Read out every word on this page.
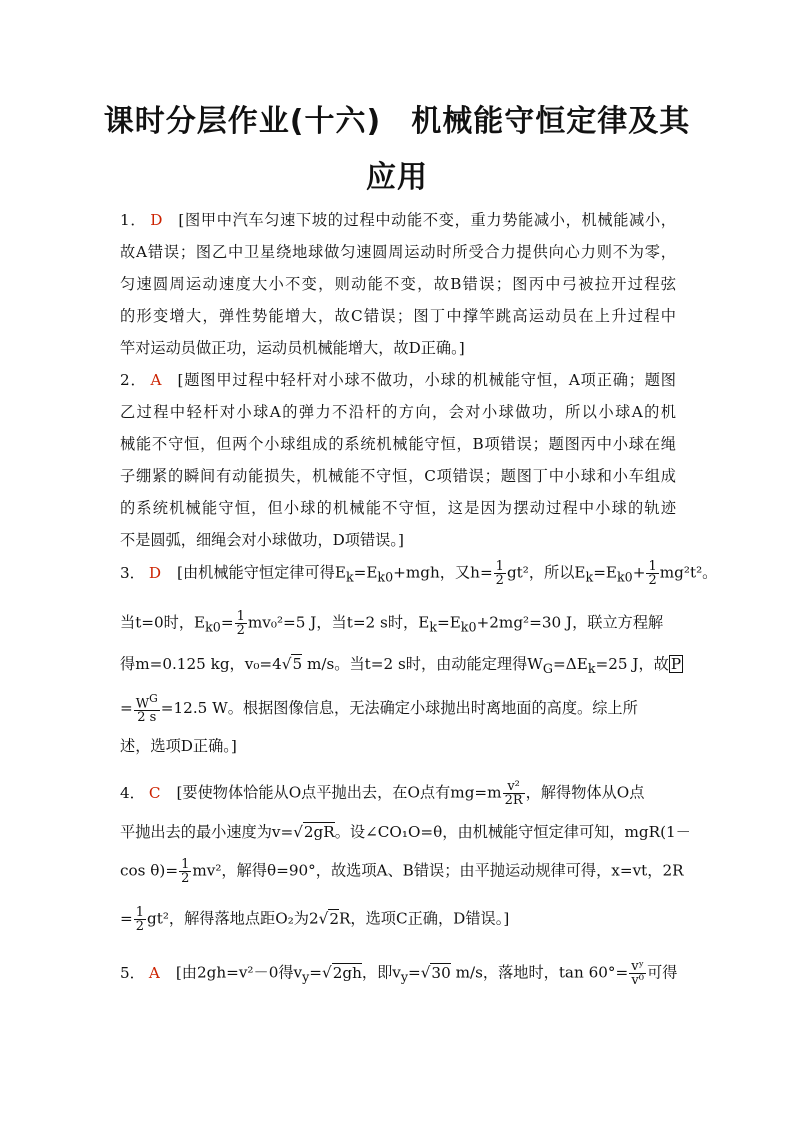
课时分层作业(十六) 机械能守恒定律及其
应用
1． D [图甲中汽车匀速下坡的过程中动能不变，重力势能减小，机械能减小，
故A错误；图乙中卫星绕地球做匀速圆周运动时所受合力提供向心力则不为零，
匀速圆周运动速度大小不变，则动能不变，故B错误；图丙中弓被拉开过程弦
的形变增大，弹性势能增大，故C错误；图丁中撑竿跳高运动员在上升过程中
竿对运动员做正功，运动员机械能增大，故D正确。]
2． A [题图甲过程中轻杆对小球不做功，小球的机械能守恒，A项正确；题图
乙过程中轻杆对小球A的弹力不沿杆的方向，会对小球做功，所以小球A的机
械能不守恒，但两个小球组成的系统机械能守恒，B项错误；题图丙中小球在绳
子绷紧的瞬间有动能损失，机械能不守恒，C项错误；题图丁中小球和小车组成
的系统机械能守恒，但小球的机械能不守恒，这是因为摆动过程中小球的轨迹
不是圆弧，细绳会对小球做功，D项错误。]
3． D [由机械能守恒定律可得$E_k=E_{k0}+mgh$，又$h= \frac{1}{2} gt^2$，所以$E_k=E_{k0}+ \frac{1}{2} mg^2t^2$。
当t=0时，$E_{k0}= \frac{1}{2} mv_0^2=5$ J，当t=2 s时，$E_k=E_{k0}+2mg^2=30$ J，联立方程解
得m=0.125 kg，v₀=4√5 m/s。当t=2 s时，由动能定理得$W_G=\Delta E_k=25$ J，故 P
= $\frac{W^G}{2 s} =12.5$ W。根据图像信息，无法确定小球抛出时离地面的高度。综上所
述，选项D正确。]
4． C [要使物体恰能从O点平抛出去，在O点有$mg=m \frac{\text{v²}}{2R}$ ，解得物体从O点
平抛出去的最小速度为v=√2gR。设∠CO₁O=θ，由机械能守恒定律可知，mgR(1－
$\cos \theta)= \frac{1}{2} mv^2$，解得θ=90°，故选项A、B错误；由平抛运动规律可得，x=vt，2R
= $\frac{1}{2} gt^2$，解得落地点距O₂为2√2R，选项C正确，D错误。]
5． A [由2gh=v²－0得$v_y=√2gh$，即$v_y=√30$ m/s，落地时，$\tan 60^\circ= \frac{\text{vʸ}}{\text{v⁰}}$ 可得
